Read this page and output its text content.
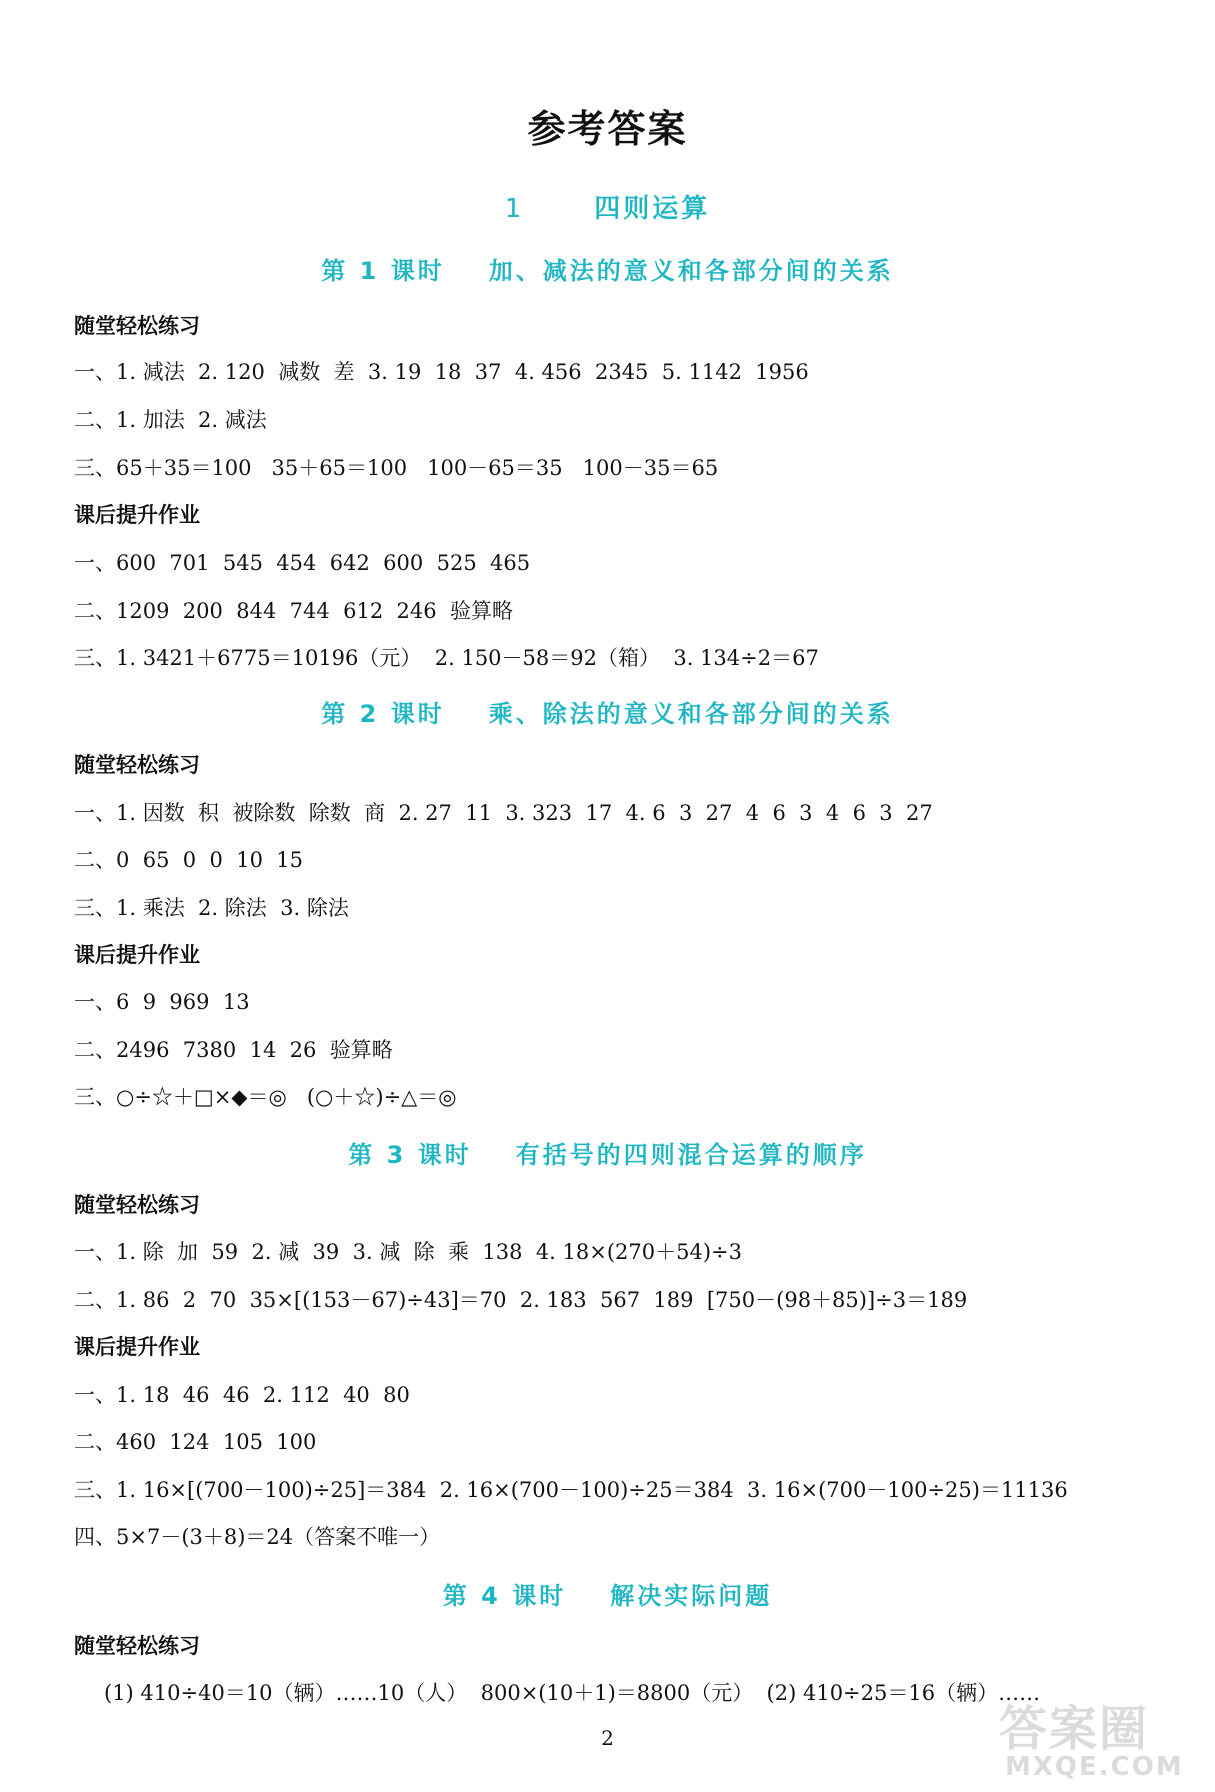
参考答案
1	四则运算
第 1 课时 加、减法的意义和各部分间的关系
随堂轻松练习
一、1. 减法  2. 120  减数  差  3. 19  18  37  4. 456  2345  5. 1142  1956
二、1. 加法  2. 减法
三、65＋35＝100   35＋65＝100   100－65＝35   100－35＝65
课后提升作业
一、600  701  545  454  642  600  525  465
二、1209  200  844  744  612  246  验算略
三、1. 3421＋6775＝10196（元）  2. 150－58＝92（箱）  3. 134÷2＝67
第 2 课时 乘、除法的意义和各部分间的关系
随堂轻松练习
一、1. 因数  积  被除数  除数  商  2. 27  11  3. 323  17  4. 6  3  27  4  6  3  4  6  3  27
二、0  65  0  0  10  15
三、1. 乘法  2. 除法  3. 除法
课后提升作业
一、6  9  969  13
二、2496  7380  14  26  验算略
三、○÷☆＋□×◆＝◎   (○＋☆)÷△＝◎
第 3 课时 有括号的四则混合运算的顺序
随堂轻松练习
一、1. 除  加  59  2. 减  39  3. 减  除  乘  138  4. 18×(270＋54)÷3
二、1. 86  2  70  35×[(153－67)÷43]＝70  2. 183  567  189  [750－(98＋85)]÷3＝189
课后提升作业
一、1. 18  46  46  2. 112  40  80
二、460  124  105  100
三、1. 16×[(700－100)÷25]＝384  2. 16×(700－100)÷25＝384  3. 16×(700－100÷25)＝11136
四、5×7－(3＋8)＝24（答案不唯一）
第 4 课时 解决实际问题
随堂轻松练习
(1) 410÷40＝10（辆）……10（人）  800×(10＋1)＝8800（元）  (2) 410÷25＝16（辆）……
2	答案圈
MXQE.COM
